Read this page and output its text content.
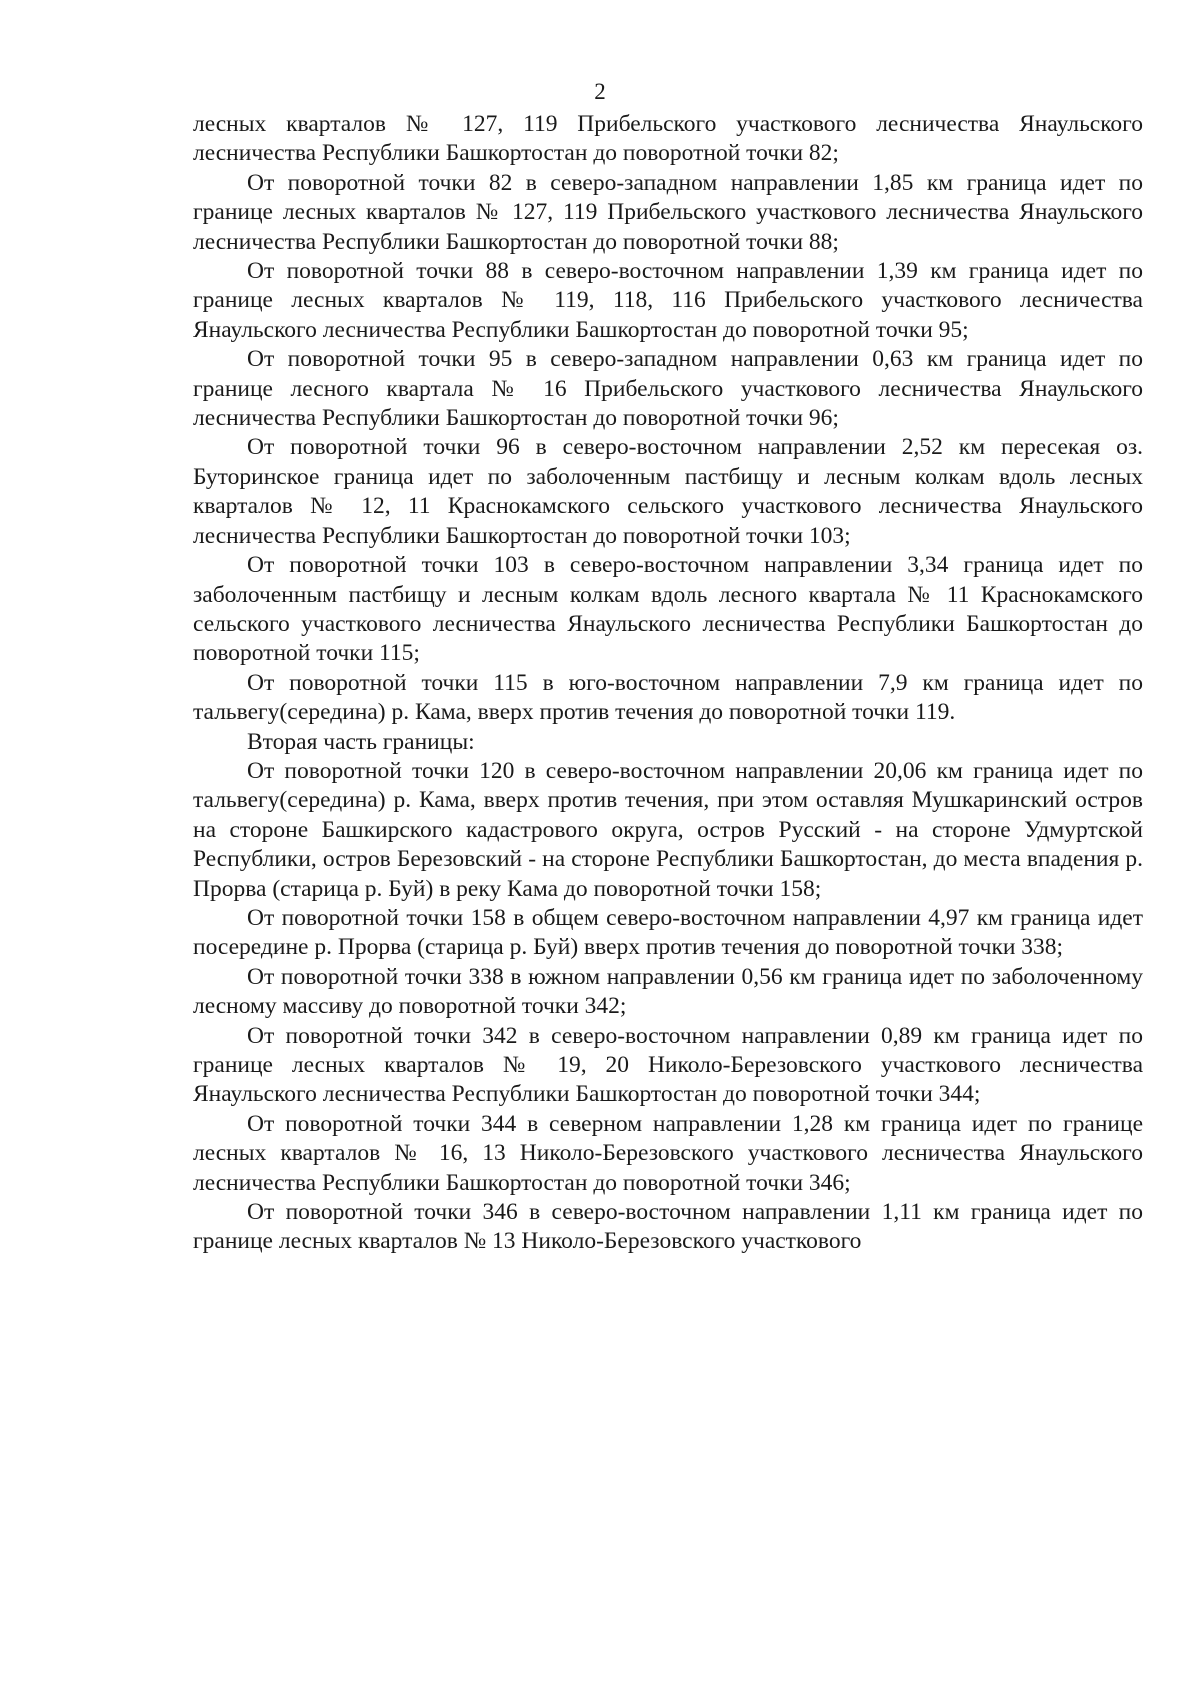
2

лесных кварталов № 127, 119 Прибельского участкового лесничества Янаульского лесничества Республики Башкортостан до поворотной точки 82;

От поворотной точки 82 в северо-западном направлении 1,85 км граница идет по границе лесных кварталов № 127, 119 Прибельского участкового лесничества Янаульского лесничества Республики Башкортостан до поворотной точки 88;

От поворотной точки 88 в северо-восточном направлении 1,39 км граница идет по границе лесных кварталов № 119, 118, 116 Прибельского участкового лесничества Янаульского лесничества Республики Башкортостан до поворотной точки 95;

От поворотной точки 95 в северо-западном направлении 0,63 км граница идет по границе лесного квартала № 16 Прибельского участкового лесничества Янаульского лесничества Республики Башкортостан до поворотной точки 96;

От поворотной точки 96 в северо-восточном направлении 2,52 км пересекая оз. Буторинское граница идет по заболоченным пастбищу и лесным колкам вдоль лесных кварталов № 12, 11 Краснокамского сельского участкового лесничества Янаульского лесничества Республики Башкортостан до поворотной точки 103;

От поворотной точки 103 в северо-восточном направлении 3,34 граница идет по заболоченным пастбищу и лесным колкам вдоль лесного квартала № 11 Краснокамского сельского участкового лесничества Янаульского лесничества Республики Башкортостан до поворотной точки 115;

От поворотной точки 115 в юго-восточном направлении 7,9 км граница идет по тальвегу(середина) р. Кама, вверх против течения до поворотной точки 119.

Вторая часть границы:

От поворотной точки 120 в северо-восточном направлении 20,06 км граница идет по тальвегу(середина) р. Кама, вверх против течения, при этом оставляя Мушкаринский остров на стороне Башкирского кадастрового округа, остров Русский - на стороне Удмуртской Республики, остров Березовский - на стороне Республики Башкортостан, до места впадения р. Прорва (старица р. Буй) в реку Кама до поворотной точки 158;

От поворотной точки 158 в общем северо-восточном направлении 4,97 км граница идет посередине р. Прорва (старица р. Буй) вверх против течения до поворотной точки 338;

От поворотной точки 338 в южном направлении 0,56 км граница идет по заболоченному лесному массиву до поворотной точки 342;

От поворотной точки 342 в северо-восточном направлении 0,89 км граница идет по границе лесных кварталов № 19, 20 Николо-Березовского участкового лесничества Янаульского лесничества Республики Башкортостан до поворотной точки 344;

От поворотной точки 344 в северном направлении 1,28 км граница идет по границе лесных кварталов № 16, 13 Николо-Березовского участкового лесничества Янаульского лесничества Республики Башкортостан до поворотной точки 346;

От поворотной точки 346 в северо-восточном направлении 1,11 км граница идет по границе лесных кварталов № 13 Николо-Березовского участкового
